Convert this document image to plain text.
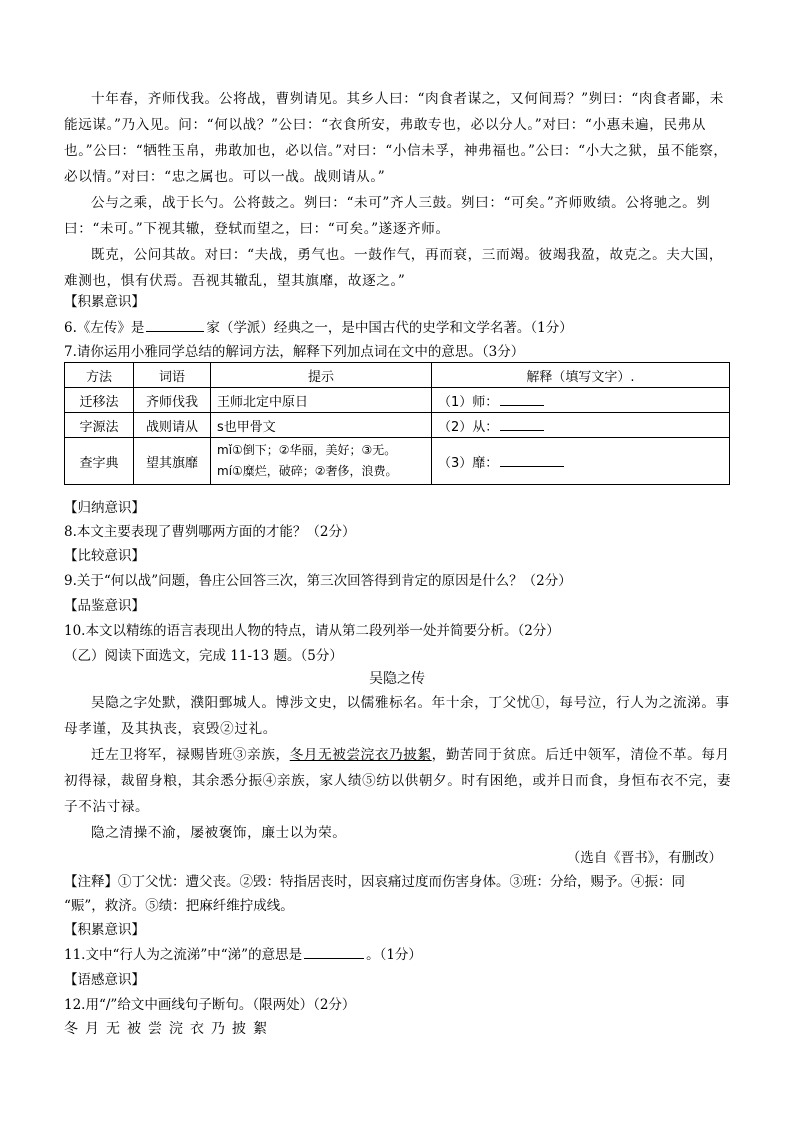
十年春，齐师伐我。公将战，曹刿请见。其乡人曰：“肉食者谋之，又何间焉？”刿曰：“肉食者鄙，未能远谋。”乃入见。问：“何以战？”公曰：“衣食所安，弗敢专也，必以分人。”对曰：“小惠未遍，民弗从也。”公曰：“牺牲玉帛，弗敢加也，必以信。”对曰：“小信未孚，神弗福也。”公曰：“小大之狱，虽不能察，必以情。”对曰：“忠之属也。可以一战。战则请从。”
公与之乘，战于长勺。公将鼓之。刿曰：“未可”齐人三鼓。刿曰：“可矣。”齐师败绩。公将驰之。刿曰：“未可。”下视其辙，登轼而望之，曰：“可矣。”遂逐齐师。
既克，公问其故。对曰：“夫战，勇气也。一鼓作气，再而衰，三而竭。彼竭我盈，故克之。夫大国，难测也，惧有伏焉。吾视其辙乱，望其旗靡，故逐之。”
【积累意识】
6.《左传》是	家（学派）经典之一，是中国古代的史学和文学名著。（1分）
7.请你运用小雅同学总结的解词方法，解释下列加点词在文中的意思。（3分）
方法	词语	提示	解释（填写文字）.
迁移法	齐师伐我	王师北定中原日	（1）师：
字源法	战则请从	s也甲骨文	（2）从：
查字典	望其旗靡	mǐ①倒下；②华丽，美好；③无。
mí①糜烂，破碎；②奢侈，浪费。	（3）靡：
【归纳意识】
8.本文主要表现了曹刿哪两方面的才能？（2分）
【比较意识】
9.关于“何以战”问题，鲁庄公回答三次，第三次回答得到肯定的原因是什么？（2分）
【品鉴意识】
10.本文以精练的语言表现出人物的特点，请从第二段列举一处并简要分析。（2分）
（乙）阅读下面选文，完成 11-13 题。（5分）
吴隐之传
吴隐之字处默，濮阳鄄城人。博涉文史，以儒雅标名。年十余，丁父忧①，每号泣，行人为之流涕。事母孝谨，及其执丧，哀毁②过礼。
迁左卫将军，禄赐皆班③亲族，冬月无被尝浣衣乃披絮，勤苦同于贫庶。后迁中领军，清俭不革。每月初得禄，裁留身粮，其余悉分振④亲族，家人绩⑤纺以供朝夕。时有困绝，或并日而食，身恒布衣不完，妻子不沾寸禄。
隐之清操不渝，屡被褒饰，廉士以为荣。
（选自《晋书》，有删改）
【注释】①丁父忧：遭父丧。②毁：特指居丧时，因哀痛过度而伤害身体。③班：分给，赐予。④振：同
“赈”，救济。⑤绩：把麻纤维拧成线。
【积累意识】
11.文中“行人为之流涕”中“涕”的意思是	。（1分）
【语感意识】
12.用“/”给文中画线句子断句。（限两处）（2分）
冬月无被尝浣衣乃披絮
